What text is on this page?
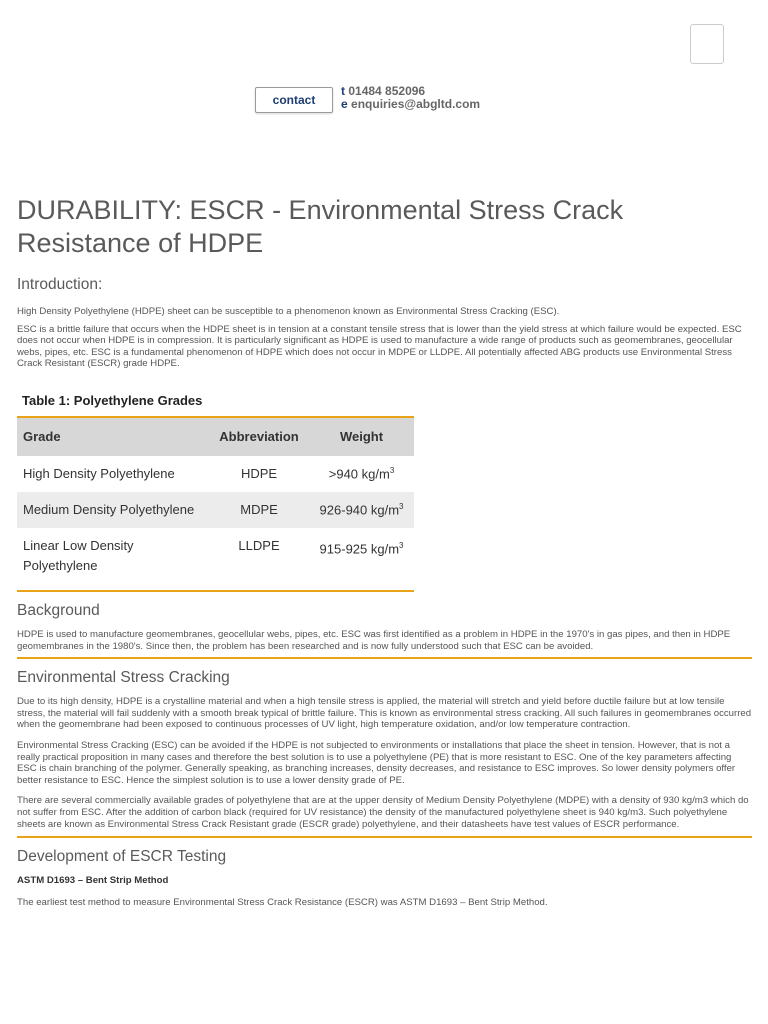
contact
t 01484 852096
e enquiries@abgltd.com
DURABILITY: ESCR - Environmental Stress Crack Resistance of HDPE
Introduction:

High Density Polyethylene (HDPE) sheet can be susceptible to a phenomenon known as Environmental Stress Cracking (ESC).

ESC is a brittle failure that occurs when the HDPE sheet is in tension at a constant tensile stress that is lower than the yield stress at which failure would be expected. ESC does not occur when HDPE is in compression. It is particularly significant as HDPE is used to manufacture a wide range of products such as geomembranes, geocellular webs, pipes, etc. ESC is a fundamental phenomenon of HDPE which does not occur in MDPE or LLDPE. All potentially affected ABG products use Environmental Stress Crack Resistant (ESCR) grade HDPE.

Table 1: Polyethylene Grades
Grade	Abbreviation	Weight
High Density Polyethylene	HDPE	>940 $kg/m^3$
Medium Density Polyethylene	MDPE	926-940 $kg/m^3$
Linear Low Density Polyethylene	LLDPE	915-925 $kg/m^3$
Background

HDPE is used to manufacture geomembranes, geocellular webs, pipes, etc. ESC was first identified as a problem in HDPE in the 1970's in gas pipes, and then in HDPE geomembranes in the 1980's. Since then, the problem has been researched and is now fully understood such that ESC can be avoided.

Environmental Stress Cracking

Due to its high density, HDPE is a crystalline material and when a high tensile stress is applied, the material will stretch and yield before ductile failure but at low tensile stress, the material will fail suddenly with a smooth break typical of brittle failure. This is known as environmental stress cracking. All such failures in geomembranes occurred when the geomembrane had been exposed to continuous processes of UV light, high temperature oxidation, and/or low temperature contraction.

Environmental Stress Cracking (ESC) can be avoided if the HDPE is not subjected to environments or installations that place the sheet in tension. However, that is not a really practical proposition in many cases and therefore the best solution is to use a polyethylene (PE) that is more resistant to ESC. One of the key parameters affecting ESC is chain branching of the polymer. Generally speaking, as branching increases, density decreases, and resistance to ESC improves. So lower density polymers offer better resistance to ESC. Hence the simplest solution is to use a lower density grade of PE.

There are several commercially available grades of polyethylene that are at the upper density of Medium Density Polyethylene (MDPE) with a density of 930 kg/m3 which do not suffer from ESC. After the addition of carbon black (required for UV resistance) the density of the manufactured polyethylene sheet is 940 kg/m3. Such polyethylene sheets are known as Environmental Stress Crack Resistant grade (ESCR grade) polyethylene, and their datasheets have test values of ESCR performance.

Development of ESCR Testing

ASTM D1693 – Bent Strip Method

The earliest test method to measure Environmental Stress Crack Resistance (ESCR) was ASTM D1693 – Bent Strip Method.
